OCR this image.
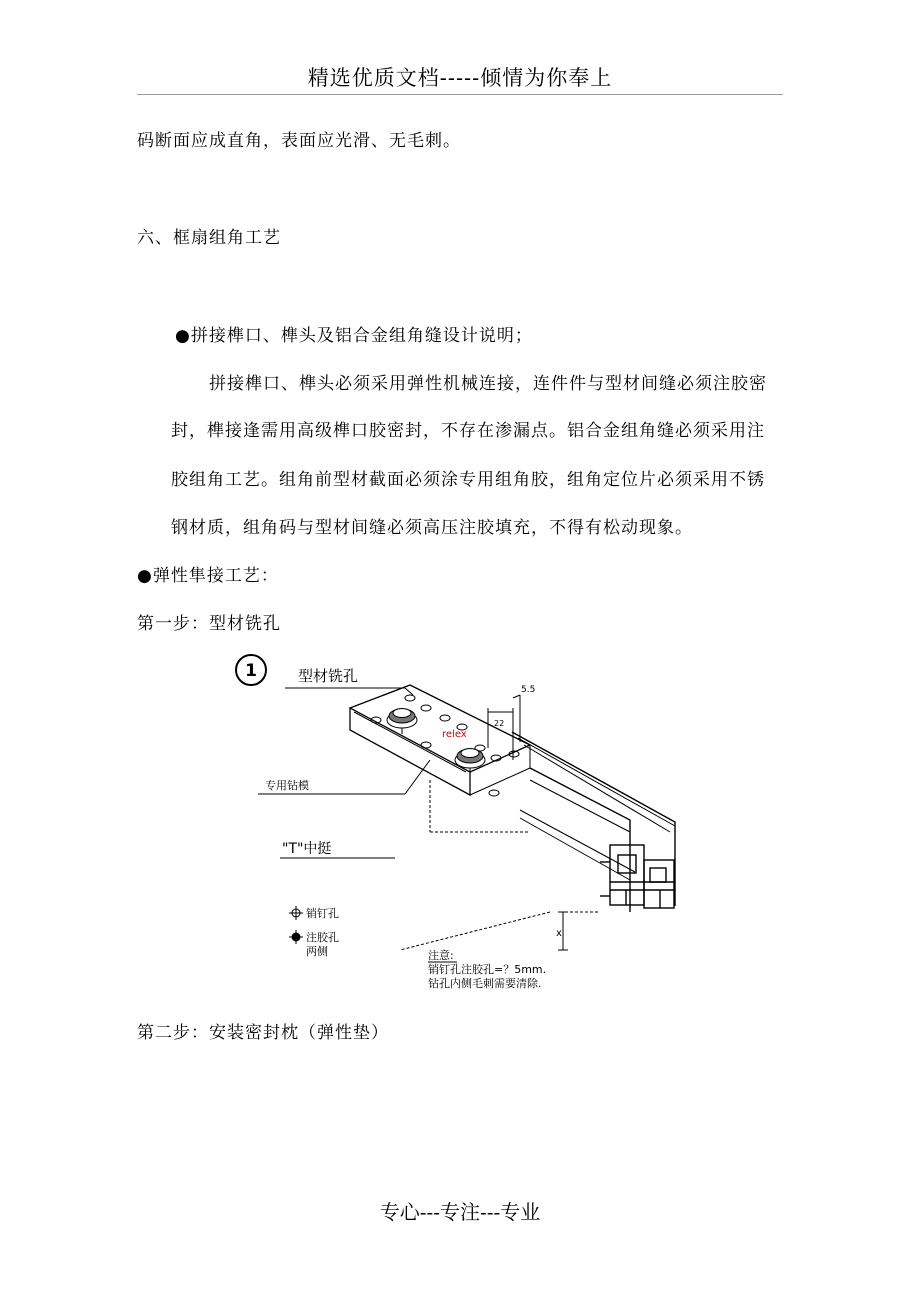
精选优质文档-----倾情为你奉上
码断面应成直角，表面应光滑、无毛刺。
六、框扇组角工艺
●拼接榫口、榫头及铝合金组角缝设计说明；
拼接榫口、榫头必须采用弹性机械连接，连件件与型材间缝必须注胶密
封，榫接逢需用高级榫口胶密封，不存在渗漏点。铝合金组角缝必须采用注
胶组角工艺。组角前型材截面必须涂专用组角胶，组角定位片必须采用不锈
钢材质，组角码与型材间缝必须高压注胶填充，不得有松动现象。
●弹性隼接工艺：
第一步：型材铣孔
1	型材铣孔
专用钻模
"T"中挺
销钉孔
注胶孔
两侧	注意:
销钉孔注胶孔=？5mm.
钻孔内侧毛刺需要清除.
relex
5.5
22
x
第二步：安装密封枕（弹性垫）
专心---专注---专业
